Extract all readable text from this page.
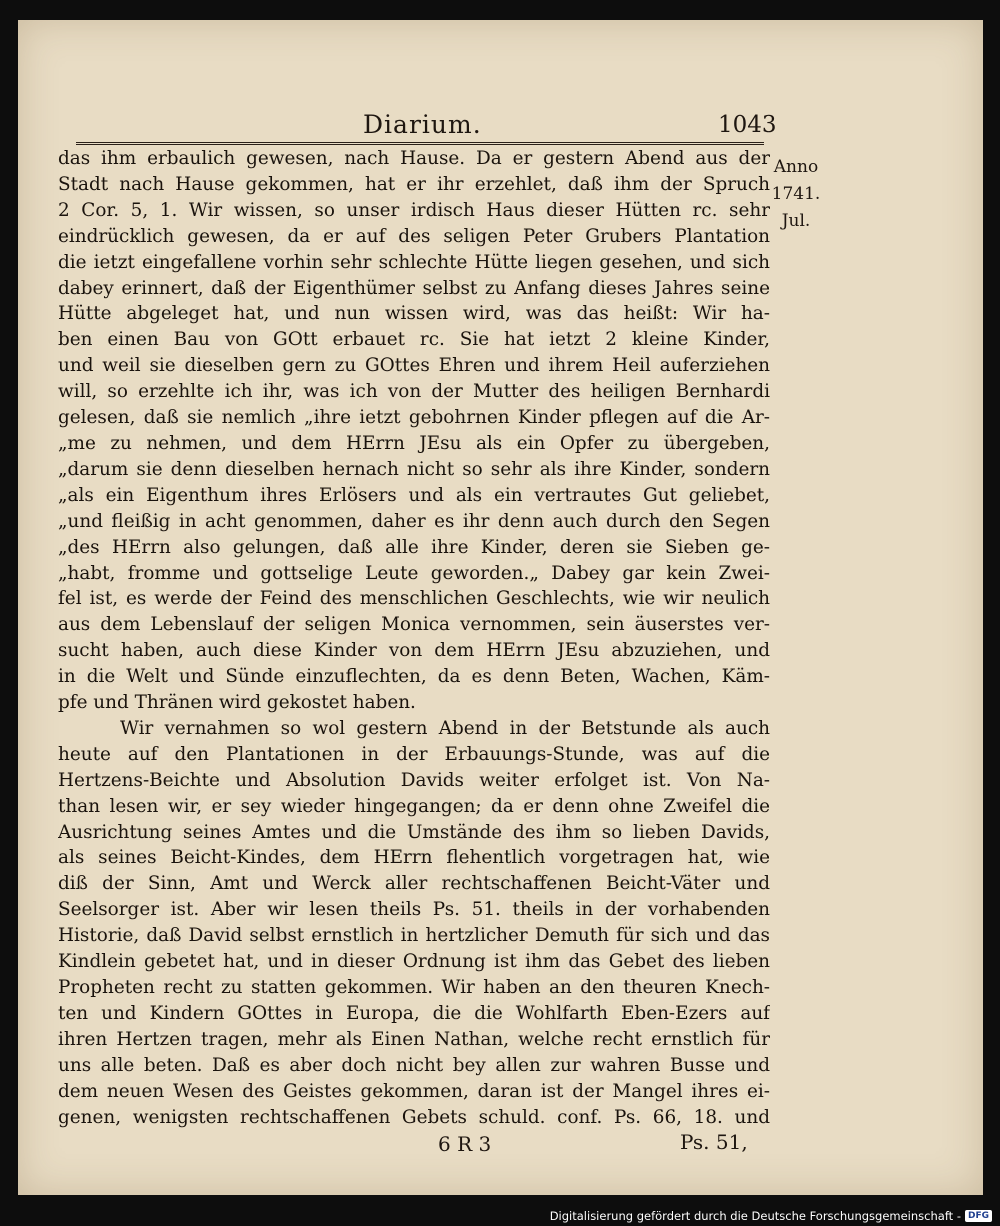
Diarium.	1043
Anno
1741.
Jul.
das ihm erbaulich gewesen, nach Hause. Da er gestern Abend aus der
Stadt nach Hause gekommen, hat er ihr erzehlet, daß ihm der Spruch
2 Cor. 5, 1. Wir wissen, so unser irdisch Haus dieser Hütten rc. sehr
eindrücklich gewesen, da er auf des seligen Peter Grubers Plantation
die ietzt eingefallene vorhin sehr schlechte Hütte liegen gesehen, und sich
dabey erinnert, daß der Eigenthümer selbst zu Anfang dieses Jahres seine
Hütte abgeleget hat, und nun wissen wird, was das heißt: Wir ha-
ben einen Bau von GOtt erbauet rc. Sie hat ietzt 2 kleine Kinder,
und weil sie dieselben gern zu GOttes Ehren und ihrem Heil auferziehen
will, so erzehlte ich ihr, was ich von der Mutter des heiligen Bernhardi
gelesen, daß sie nemlich „ihre ietzt gebohrnen Kinder pflegen auf die Ar-
„me zu nehmen, und dem HErrn JEsu als ein Opfer zu übergeben,
„darum sie denn dieselben hernach nicht so sehr als ihre Kinder, sondern
„als ein Eigenthum ihres Erlösers und als ein vertrautes Gut geliebet,
„und fleißig in acht genommen, daher es ihr denn auch durch den Segen
„des HErrn also gelungen, daß alle ihre Kinder, deren sie Sieben ge-
„habt, fromme und gottselige Leute geworden.„ Dabey gar kein Zwei-
fel ist, es werde der Feind des menschlichen Geschlechts, wie wir neulich
aus dem Lebenslauf der seligen Monica vernommen, sein äuserstes ver-
sucht haben, auch diese Kinder von dem HErrn JEsu abzuziehen, und
in die Welt und Sünde einzuflechten, da es denn Beten, Wachen, Käm-
pfe und Thränen wird gekostet haben.
Wir vernahmen so wol gestern Abend in der Betstunde als auch
heute auf den Plantationen in der Erbauungs-Stunde, was auf die
Hertzens-Beichte und Absolution Davids weiter erfolget ist. Von Na-
than lesen wir, er sey wieder hingegangen; da er denn ohne Zweifel die
Ausrichtung seines Amtes und die Umstände des ihm so lieben Davids,
als seines Beicht-Kindes, dem HErrn flehentlich vorgetragen hat, wie
diß der Sinn, Amt und Werck aller rechtschaffenen Beicht-Väter und
Seelsorger ist. Aber wir lesen theils Ps. 51. theils in der vorhabenden
Historie, daß David selbst ernstlich in hertzlicher Demuth für sich und das
Kindlein gebetet hat, und in dieser Ordnung ist ihm das Gebet des lieben
Propheten recht zu statten gekommen. Wir haben an den theuren Knech-
ten und Kindern GOttes in Europa, die die Wohlfarth Eben-Ezers auf
ihren Hertzen tragen, mehr als Einen Nathan, welche recht ernstlich für
uns alle beten. Daß es aber doch nicht bey allen zur wahren Busse und
dem neuen Wesen des Geistes gekommen, daran ist der Mangel ihres ei-
genen, wenigsten rechtschaffenen Gebets schuld. conf. Ps. 66, 18. und
6 R 3	Ps. 51,
Digitalisierung gefördert durch die Deutsche Forschungsgemeinschaft - DFG
